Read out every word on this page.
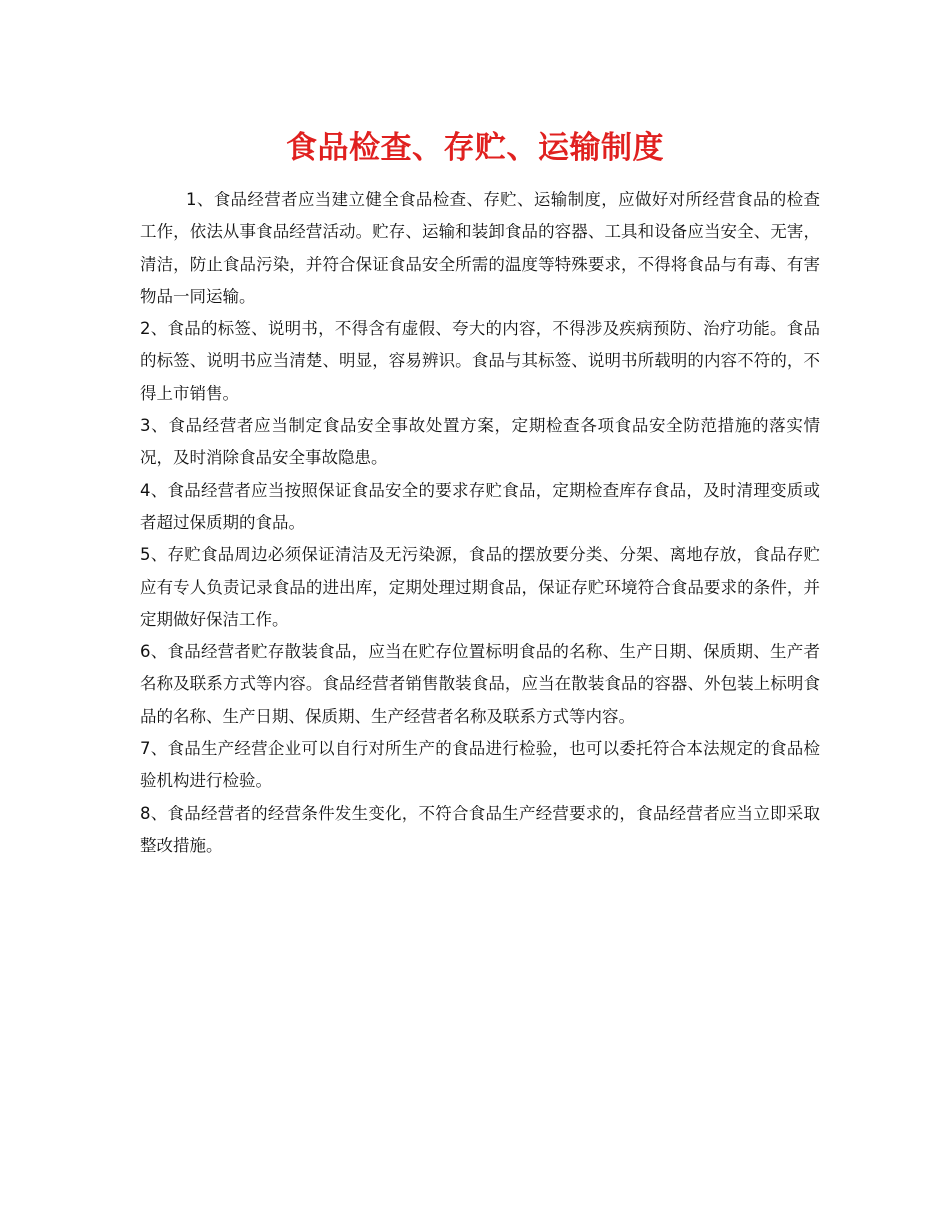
食品检查、存贮、运输制度

1、食品经营者应当建立健全食品检查、存贮、运输制度，应做好对所经营食品的检查工作，依法从事食品经营活动。贮存、运输和装卸食品的容器、工具和设备应当安全、无害，清洁，防止食品污染，并符合保证食品安全所需的温度等特殊要求，不得将食品与有毒、有害物品一同运输。

2、食品的标签、说明书，不得含有虚假、夸大的内容，不得涉及疾病预防、治疗功能。食品的标签、说明书应当清楚、明显，容易辨识。食品与其标签、说明书所载明的内容不符的，不得上市销售。

3、食品经营者应当制定食品安全事故处置方案，定期检查各项食品安全防范措施的落实情况，及时消除食品安全事故隐患。

4、食品经营者应当按照保证食品安全的要求存贮食品，定期检查库存食品，及时清理变质或者超过保质期的食品。

5、存贮食品周边必须保证清洁及无污染源，食品的摆放要分类、分架、离地存放，食品存贮应有专人负责记录食品的进出库，定期处理过期食品，保证存贮环境符合食品要求的条件，并定期做好保洁工作。

6、食品经营者贮存散装食品，应当在贮存位置标明食品的名称、生产日期、保质期、生产者名称及联系方式等内容。食品经营者销售散装食品，应当在散装食品的容器、外包装上标明食品的名称、生产日期、保质期、生产经营者名称及联系方式等内容。

7、食品生产经营企业可以自行对所生产的食品进行检验，也可以委托符合本法规定的食品检验机构进行检验。

8、食品经营者的经营条件发生变化，不符合食品生产经营要求的，食品经营者应当立即采取整改措施。
